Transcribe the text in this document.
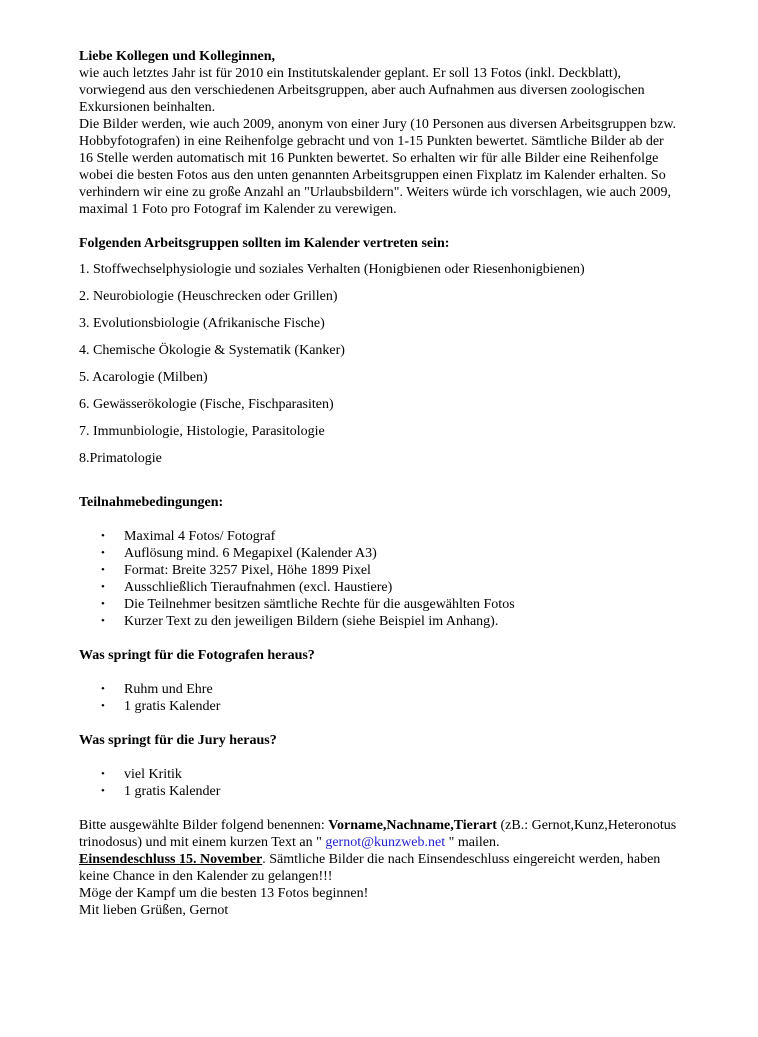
Liebe Kollegen und Kolleginnen,

wie auch letztes Jahr ist für 2010 ein Institutskalender geplant. Er soll 13 Fotos (inkl. Deckblatt), vorwiegend aus den verschiedenen Arbeitsgruppen, aber auch Aufnahmen aus diversen zoologischen Exkursionen beinhalten.

Die Bilder werden, wie auch 2009, anonym von einer Jury (10 Personen aus diversen Arbeitsgruppen bzw. Hobbyfotografen) in eine Reihenfolge gebracht und von 1-15 Punkten bewertet. Sämtliche Bilder ab der 16 Stelle werden automatisch mit 16 Punkten bewertet. So erhalten wir für alle Bilder eine Reihenfolge wobei die besten Fotos aus den unten genannten Arbeitsgruppen einen Fixplatz im Kalender erhalten. So verhindern wir eine zu große Anzahl an "Urlaubsbildern". Weiters würde ich vorschlagen, wie auch 2009, maximal 1 Foto pro Fotograf im Kalender zu verewigen.

Folgenden Arbeitsgruppen sollten im Kalender vertreten sein:

1. Stoffwechselphysiologie und soziales Verhalten (Honigbienen oder Riesenhonigbienen)

2. Neurobiologie (Heuschrecken oder Grillen)

3. Evolutionsbiologie (Afrikanische Fische)

4. Chemische Ökologie & Systematik (Kanker)

5. Acarologie (Milben)

6. Gewässerökologie (Fische, Fischparasiten)

7. Immunbiologie, Histologie, Parasitologie

8.Primatologie

Teilnahmebedingungen:

• Maximal 4 Fotos/ Fotograf
• Auflösung mind. 6 Megapixel (Kalender A3)
• Format: Breite 3257 Pixel, Höhe 1899 Pixel
• Ausschließlich Tieraufnahmen (excl. Haustiere)
• Die Teilnehmer besitzen sämtliche Rechte für die ausgewählten Fotos
• Kurzer Text zu den jeweiligen Bildern (siehe Beispiel im Anhang).

Was springt für die Fotografen heraus?

• Ruhm und Ehre
• 1 gratis Kalender

Was springt für die Jury heraus?

• viel Kritik
• 1 gratis Kalender

Bitte ausgewählte Bilder folgend benennen: Vorname,Nachname,Tierart (zB.: Gernot,Kunz,Heteronotus trinodosus) und mit einem kurzen Text an " gernot@kunzweb.net " mailen.

Einsendeschluss 15. November. Sämtliche Bilder die nach Einsendeschluss eingereicht werden, haben keine Chance in den Kalender zu gelangen!!!

Möge der Kampf um die besten 13 Fotos beginnen!

Mit lieben Grüßen, Gernot
